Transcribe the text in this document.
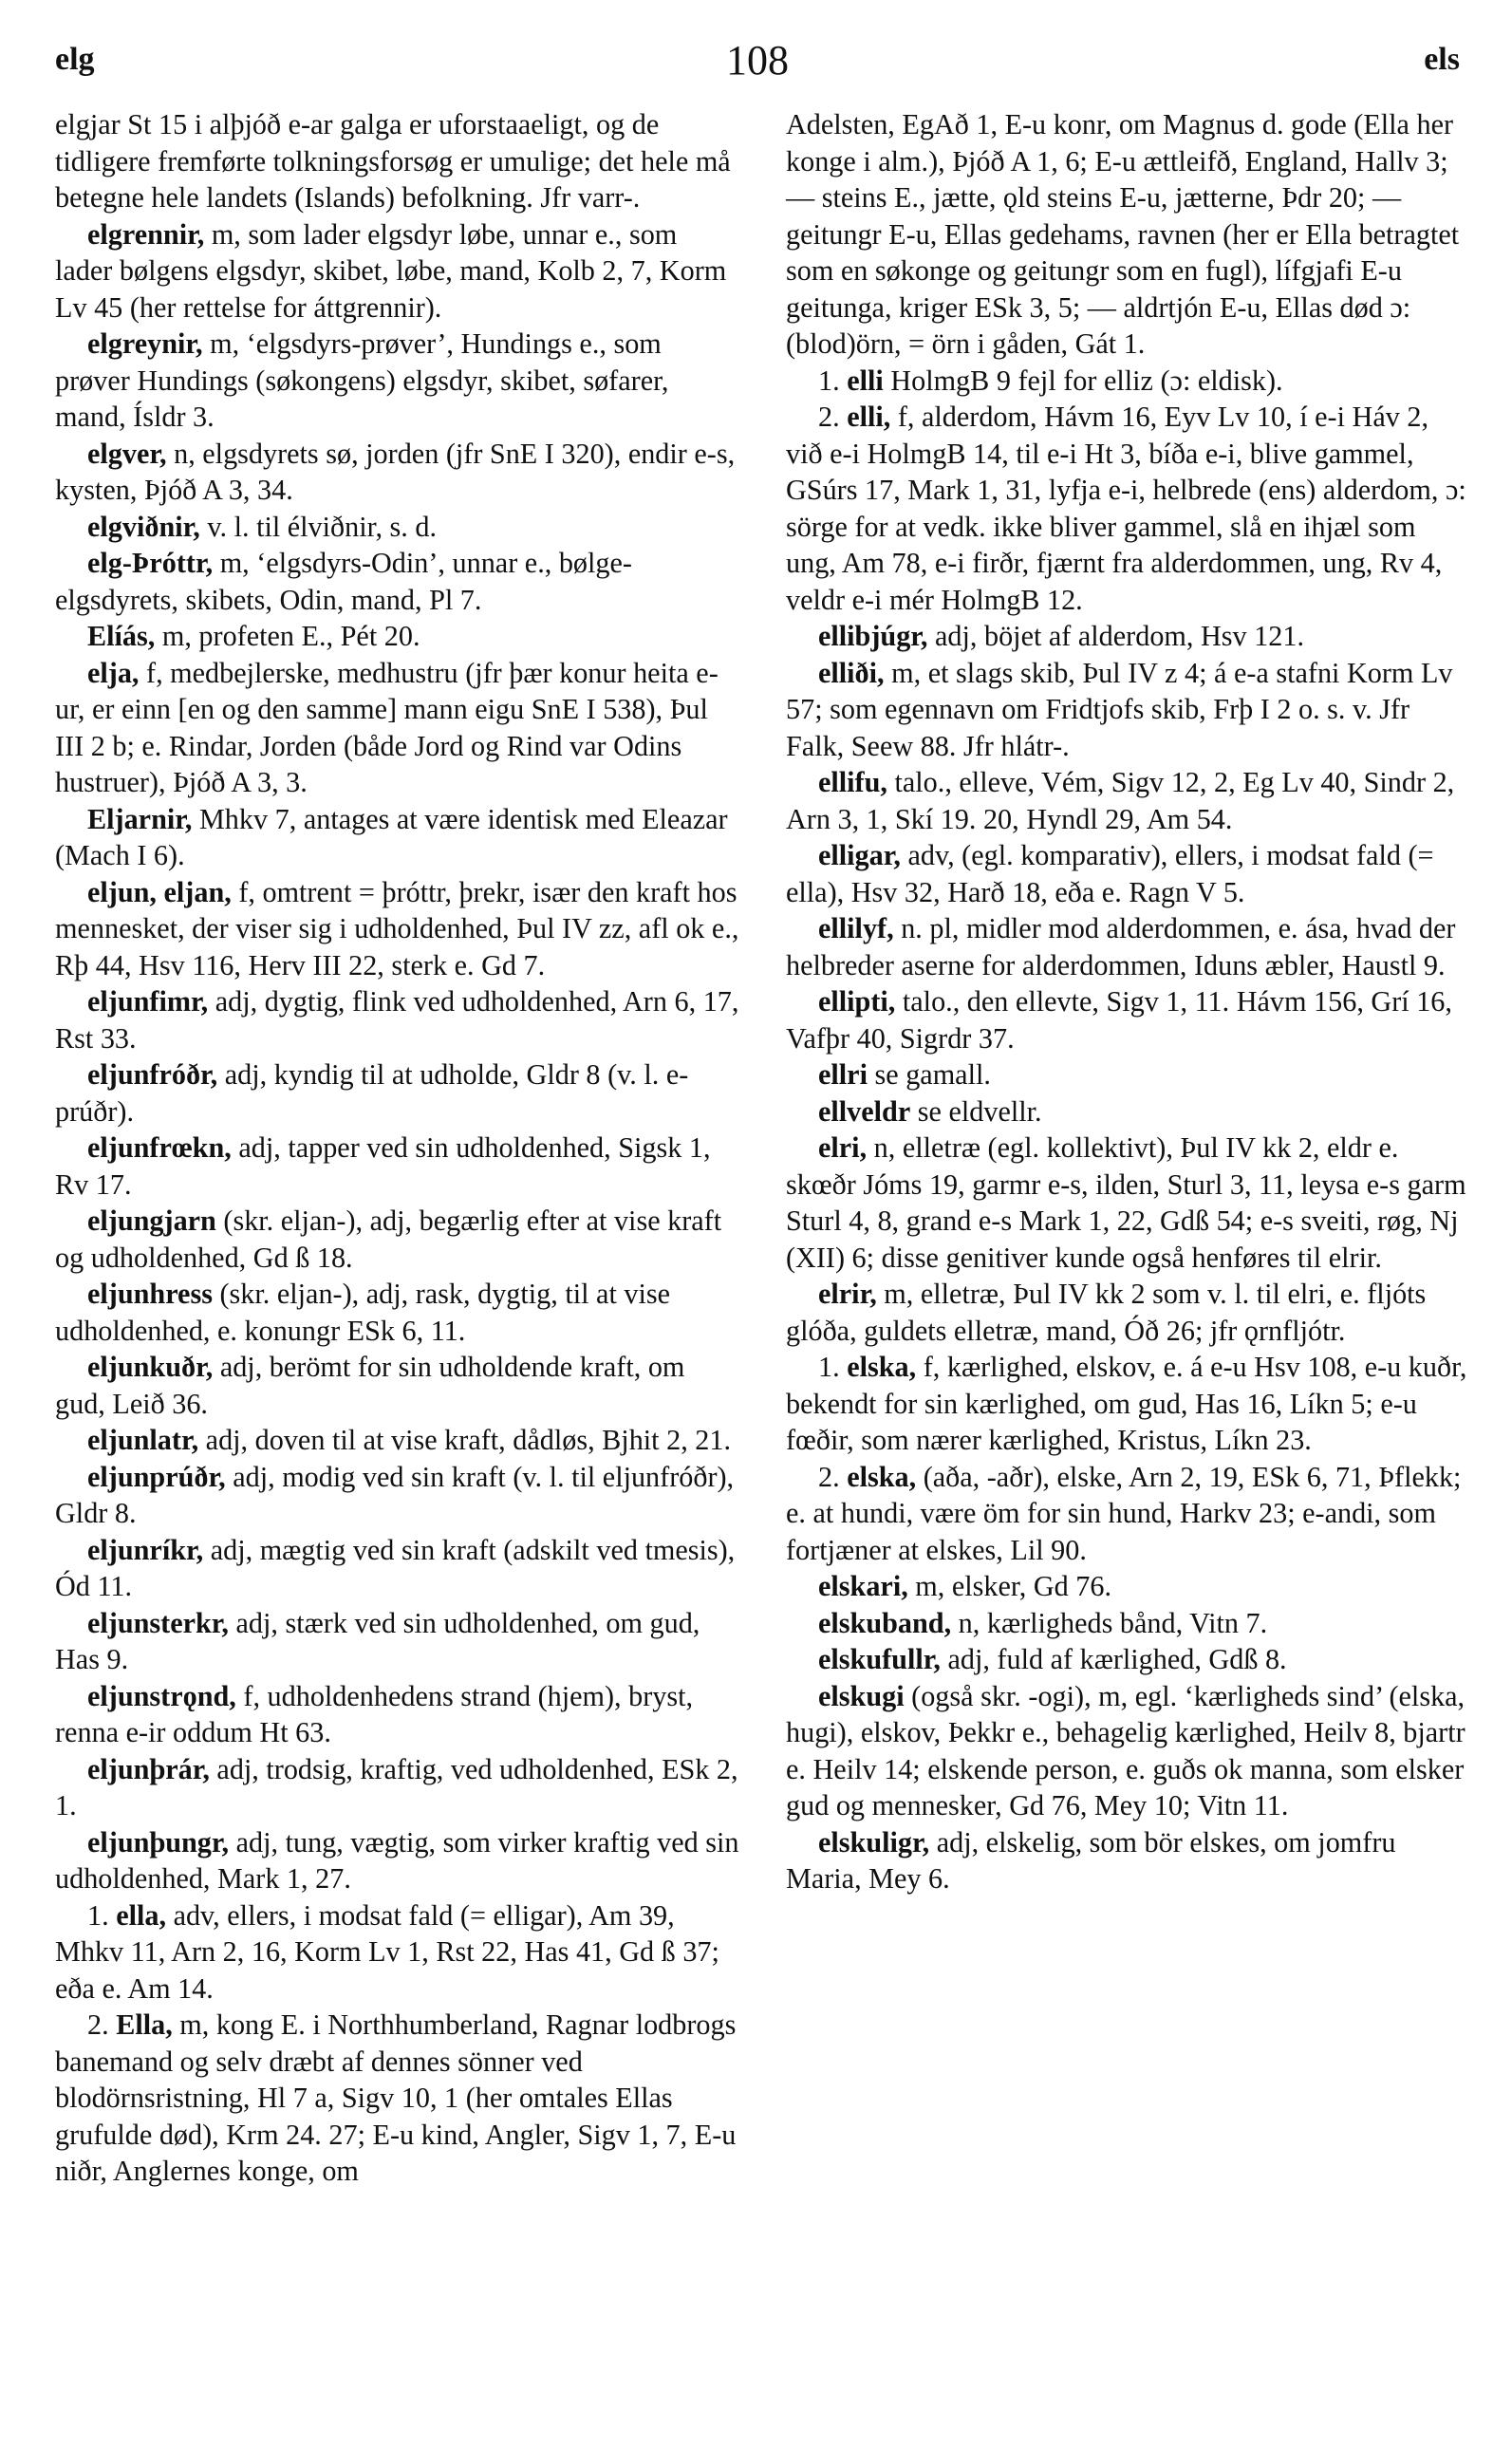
elg	108	els

elgjar St 15 i alþjóð e-ar galga er uforstaaeligt, og de tidligere fremførte tolkningsforsøg er umulige; det hele må betegne hele landets (Islands) befolkning. Jfr varr-.

elgrennir, m, som lader elgsdyr løbe, unnar e., som lader bølgens elgsdyr, skibet, løbe, mand, Kolb 2, 7, Korm Lv 45 (her rettelse for áttgrennir).

elgreynir, m, ‘elgsdyrs-prøver’, Hundings e., som prøver Hundings (søkongens) elgsdyr, skibet, søfarer, mand, Ísldr 3.

elgver, n, elgsdyrets sø, jorden (jfr SnE I 320), endir e-s, kysten, Þjóð A 3, 34.

elgviðnir, v. l. til élviðnir, s. d.

elg-Þróttr, m, ‘elgsdyrs-Odin’, unnar e., bølge-elgsdyrets, skibets, Odin, mand, Pl 7.

Elíás, m, profeten E., Pét 20.

elja, f, medbejlerske, medhustru (jfr þær konur heita e-ur, er einn [en og den samme] mann eigu SnE I 538), Þul III 2 b; e. Rindar, Jorden (både Jord og Rind var Odins hustruer), Þjóð A 3, 3.

Eljarnir, Mhkv 7, antages at være identisk med Eleazar (Mach I 6).

eljun, eljan, f, omtrent = þróttr, þrekr, især den kraft hos mennesket, der viser sig i udholdenhed, Þul IV zz, afl ok e., Rþ 44, Hsv 116, Herv III 22, sterk e. Gd 7.

eljunfimr, adj, dygtig, flink ved udholdenhed, Arn 6, 17, Rst 33.

eljunfróðr, adj, kyndig til at udholde, Gldr 8 (v. l. e-prúðr).

eljunfrœkn, adj, tapper ved sin udholdenhed, Sigsk 1, Rv 17.

eljungjarn (skr. eljan-), adj, begærlig efter at vise kraft og udholdenhed, Gd ß 18.

eljunhress (skr. eljan-), adj, rask, dygtig, til at vise udholdenhed, e. konungr ESk 6, 11.

eljunkuðr, adj, berömt for sin udholdende kraft, om gud, Leið 36.

eljunlatr, adj, doven til at vise kraft, dådløs, Bjhit 2, 21.

eljunprúðr, adj, modig ved sin kraft (v. l. til eljunfróðr), Gldr 8.

eljunríkr, adj, mægtig ved sin kraft (adskilt ved tmesis), Ód 11.

eljunsterkr, adj, stærk ved sin udholdenhed, om gud, Has 9.

eljunstrǫnd, f, udholdenhedens strand (hjem), bryst, renna e-ir oddum Ht 63.

eljunþrár, adj, trodsig, kraftig, ved udholdenhed, ESk 2, 1.

eljunþungr, adj, tung, vægtig, som virker kraftig ved sin udholdenhed, Mark 1, 27.

1. ella, adv, ellers, i modsat fald (= elligar), Am 39, Mhkv 11, Arn 2, 16, Korm Lv 1, Rst 22, Has 41, Gd ß 37; eða e. Am 14.

2. Ella, m, kong E. i Northhumberland, Ragnar lodbrogs banemand og selv dræbt af dennes sönner ved blodörnsristning, Hl 7 a, Sigv 10, 1 (her omtales Ellas grufulde død), Krm 24. 27; E-u kind, Angler, Sigv 1, 7, E-u niðr, Anglernes konge, om

Adelsten, EgAð 1, E-u konr, om Magnus d. gode (Ella her konge i alm.), Þjóð A 1, 6; E-u ættleifð, England, Hallv 3; — steins E., jætte, ǫld steins E-u, jætterne, Þdr 20; — geitungr E-u, Ellas gedehams, ravnen (her er Ella betragtet som en søkonge og geitungr som en fugl), lífgjafi E-u geitunga, kriger ESk 3, 5; — aldrtjón E-u, Ellas død ɔ: (blod)örn, = örn i gåden, Gát 1.

1. elli HolmgB 9 fejl for elliz (ɔ: eldisk).

2. elli, f, alderdom, Hávm 16, Eyv Lv 10, í e-i Háv 2, við e-i HolmgB 14, til e-i Ht 3, bíða e-i, blive gammel, GSúrs 17, Mark 1, 31, lyfja e-i, helbrede (ens) alderdom, ɔ: sörge for at vedk. ikke bliver gammel, slå en ihjæl som ung, Am 78, e-i firðr, fjærnt fra alderdommen, ung, Rv 4, veldr e-i mér HolmgB 12.

ellibjúgr, adj, böjet af alderdom, Hsv 121.

elliði, m, et slags skib, Þul IV z 4; á e-a stafni Korm Lv 57; som egennavn om Fridtjofs skib, Frþ I 2 o. s. v. Jfr Falk, Seew 88. Jfr hlátr-.

ellifu, talo., elleve, Vém, Sigv 12, 2, Eg Lv 40, Sindr 2, Arn 3, 1, Skí 19. 20, Hyndl 29, Am 54.

elligar, adv, (egl. komparativ), ellers, i modsat fald (= ella), Hsv 32, Harð 18, eða e. Ragn V 5.

ellilyf, n. pl, midler mod alderdommen, e. ása, hvad der helbreder aserne for alderdommen, Iduns æbler, Haustl 9.

ellipti, talo., den ellevte, Sigv 1, 11. Hávm 156, Grí 16, Vafþr 40, Sigrdr 37.

ellri se gamall.

ellveldr se eldvellr.

elri, n, elletræ (egl. kollektivt), Þul IV kk 2, eldr e. skœðr Jóms 19, garmr e-s, ilden, Sturl 3, 11, leysa e-s garm Sturl 4, 8, grand e-s Mark 1, 22, Gdß 54; e-s sveiti, røg, Nj (XII) 6; disse genitiver kunde også henføres til elrir.

elrir, m, elletræ, Þul IV kk 2 som v. l. til elri, e. fljóts glóða, guldets elletræ, mand, Óð 26; jfr ǫrnfljótr.

1. elska, f, kærlighed, elskov, e. á e-u Hsv 108, e-u kuðr, bekendt for sin kærlighed, om gud, Has 16, Líkn 5; e-u fœðir, som nærer kærlighed, Kristus, Líkn 23.

2. elska, (aða, -aðr), elske, Arn 2, 19, ESk 6, 71, Þflekk; e. at hundi, være öm for sin hund, Harkv 23; e-andi, som fortjæner at elskes, Lil 90.

elskari, m, elsker, Gd 76.

elskuband, n, kærligheds bånd, Vitn 7.

elskufullr, adj, fuld af kærlighed, Gdß 8.

elskugi (også skr. -ogi), m, egl. ‘kærligheds sind’ (elska, hugi), elskov, Þekkr e., behagelig kærlighed, Heilv 8, bjartr e. Heilv 14; elskende person, e. guðs ok manna, som elsker gud og mennesker, Gd 76, Mey 10; Vitn 11.

elskuligr, adj, elskelig, som bör elskes, om jomfru Maria, Mey 6.
